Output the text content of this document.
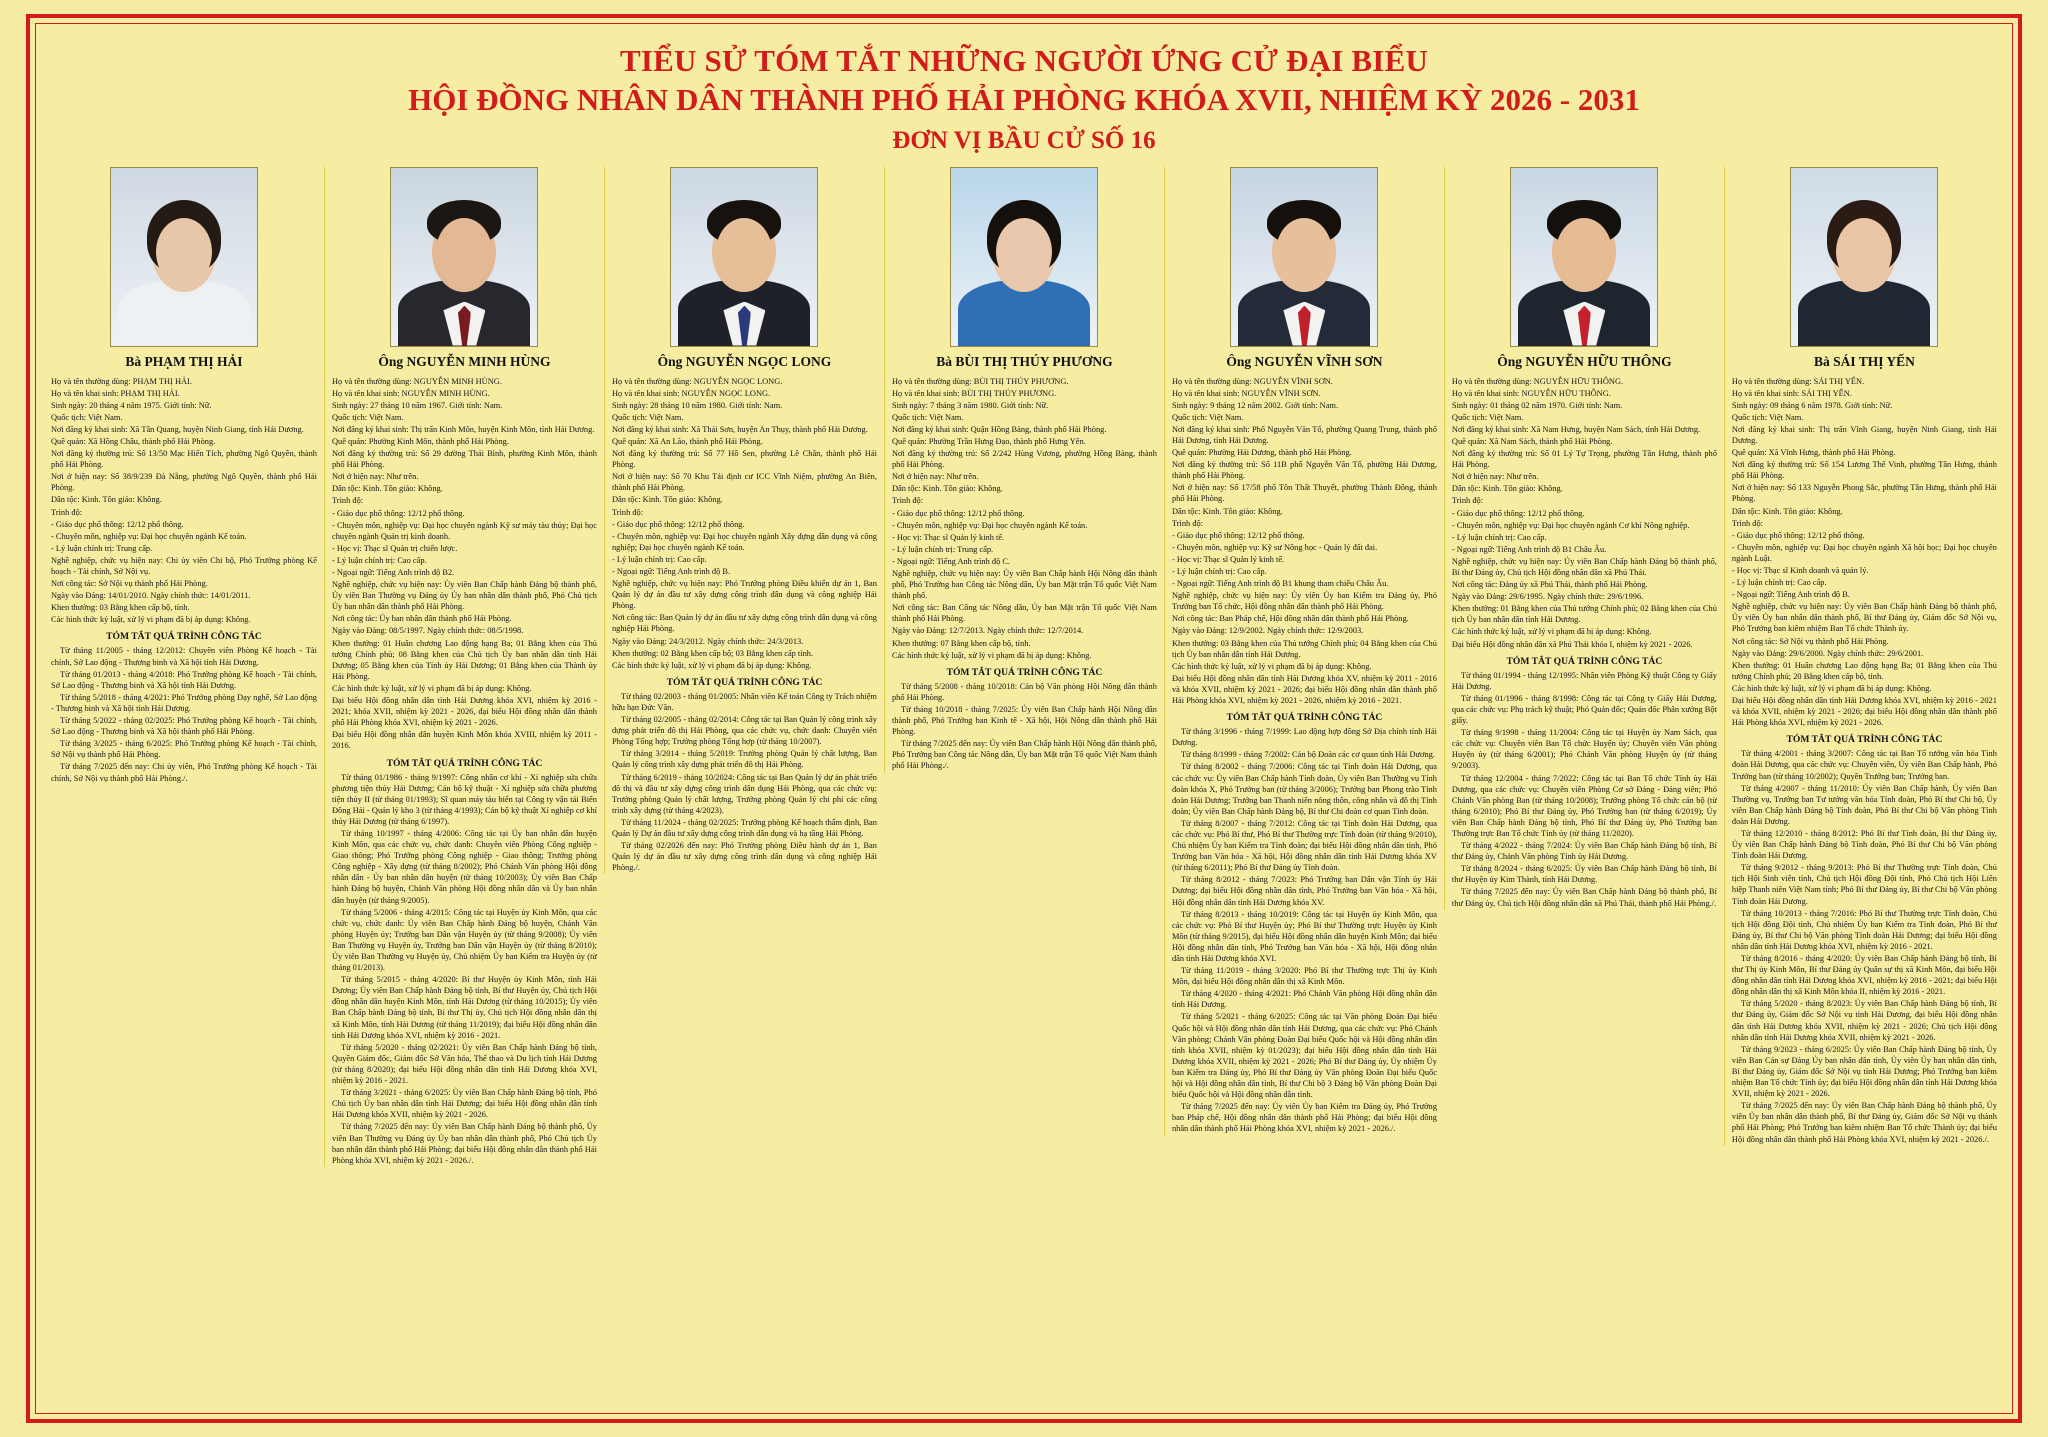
TIỂU SỬ TÓM TẮT NHỮNG NGƯỜI ỨNG CỬ ĐẠI BIỂU
HỘI ĐỒNG NHÂN DÂN THÀNH PHỐ HẢI PHÒNG KHÓA XVII, NHIỆM KỲ 2026 - 2031
ĐƠN VỊ BẦU CỬ SỐ 16
Bà PHẠM THỊ HẢI

Họ và tên thường dùng: PHẠM THỊ HẢI.

Họ và tên khai sinh: PHẠM THỊ HẢI.

Sinh ngày: 20 tháng 4 năm 1975. Giới tính: Nữ.

Quốc tịch: Việt Nam.

Nơi đăng ký khai sinh: Xã Tân Quang, huyện Ninh Giang, tỉnh Hải Dương.

Quê quán: Xã Hồng Châu, thành phố Hải Phòng.

Nơi đăng ký thường trú: Số 13/50 Mạc Hiển Tích, phường Ngô Quyền, thành phố Hải Phòng.

Nơi ở hiện nay: Số 38/9/239 Đà Nẵng, phường Ngô Quyền, thành phố Hải Phòng.

Dân tộc: Kinh. Tôn giáo: Không.

Trình độ:

- Giáo dục phổ thông: 12/12 phổ thông.

- Chuyên môn, nghiệp vụ: Đại học chuyên ngành Kế toán.

- Lý luận chính trị: Trung cấp.

Nghề nghiệp, chức vụ hiện nay: Chi ủy viên Chi bộ, Phó Trưởng phòng Kế hoạch - Tài chính, Sở Nội vụ.

Nơi công tác: Sở Nội vụ thành phố Hải Phòng.

Ngày vào Đảng: 14/01/2010. Ngày chính thức: 14/01/2011.

Khen thưởng: 03 Bằng khen cấp bộ, tỉnh.

Các hình thức kỷ luật, xử lý vi phạm đã bị áp dụng: Không.

TÓM TẮT QUÁ TRÌNH CÔNG TÁC

Từ tháng 11/2005 - tháng 12/2012: Chuyên viên Phòng Kế hoạch - Tài chính, Sở Lao động - Thương binh và Xã hội tỉnh Hải Dương.

Từ tháng 01/2013 - tháng 4/2018: Phó Trưởng phòng Kế hoạch - Tài chính, Sở Lao động - Thương binh và Xã hội tỉnh Hải Dương.

Từ tháng 5/2018 - tháng 4/2021: Phó Trưởng phòng Dạy nghề, Sở Lao động - Thương binh và Xã hội tỉnh Hải Dương.

Từ tháng 5/2022 - tháng 02/2025: Phó Trưởng phòng Kế hoạch - Tài chính, Sở Lao động - Thương binh và Xã hội thành phố Hải Phòng.

Từ tháng 3/2025 - tháng 6/2025: Phó Trưởng phòng Kế hoạch - Tài chính, Sở Nội vụ thành phố Hải Phòng.

Từ tháng 7/2025 đến nay: Chi ủy viên, Phó Trưởng phòng Kế hoạch - Tài chính, Sở Nội vụ thành phố Hải Phòng./.

Ông NGUYỄN MINH HÙNG

Họ và tên thường dùng: NGUYỄN MINH HÙNG.

Họ và tên khai sinh: NGUYỄN MINH HÙNG.

Sinh ngày: 27 tháng 10 năm 1967. Giới tính: Nam.

Quốc tịch: Việt Nam.

Nơi đăng ký khai sinh: Thị trấn Kinh Môn, huyện Kinh Môn, tỉnh Hải Dương.

Quê quán: Phường Kinh Môn, thành phố Hải Phòng.

Nơi đăng ký thường trú: Số 29 đường Thái Bình, phường Kinh Môn, thành phố Hải Phòng.

Nơi ở hiện nay: Như trên.

Dân tộc: Kinh. Tôn giáo: Không.

Trình độ:

- Giáo dục phổ thông: 12/12 phổ thông.

- Chuyên môn, nghiệp vụ: Đại học chuyên ngành Kỹ sư máy tàu thủy; Đại học chuyên ngành Quản trị kinh doanh.

- Học vị: Thạc sĩ Quản trị chiến lược.

- Lý luận chính trị: Cao cấp.

- Ngoại ngữ: Tiếng Anh trình độ B2.

Nghề nghiệp, chức vụ hiện nay: Ủy viên Ban Chấp hành Đảng bộ thành phố, Ủy viên Ban Thường vụ Đảng ủy Ủy ban nhân dân thành phố, Phó Chủ tịch Ủy ban nhân dân thành phố Hải Phòng.

Nơi công tác: Ủy ban nhân dân thành phố Hải Phòng.

Ngày vào Đảng: 08/5/1997. Ngày chính thức: 08/5/1998.

Khen thưởng: 01 Huân chương Lao động hạng Ba; 01 Bằng khen của Thủ tướng Chính phủ; 08 Bằng khen của Chủ tịch Ủy ban nhân dân tỉnh Hải Dương; 05 Bằng khen của Tỉnh ủy Hải Dương; 01 Bằng khen của Thành ủy Hải Phòng.

Các hình thức kỷ luật, xử lý vi phạm đã bị áp dụng: Không.

Đại biểu Hội đồng nhân dân tỉnh Hải Dương khóa XVI, nhiệm kỳ 2016 - 2021; khóa XVII, nhiệm kỳ 2021 - 2026, đại biểu Hội đồng nhân dân thành phố Hải Phòng khóa XVI, nhiệm kỳ 2021 - 2026.

Đại biểu Hội đồng nhân dân huyện Kinh Môn khóa XVIII, nhiệm kỳ 2011 - 2016.

TÓM TẮT QUÁ TRÌNH CÔNG TÁC

Từ tháng 01/1986 - tháng 9/1997: Công nhân cơ khí - Xí nghiệp sửa chữa phương tiện thủy Hải Dương; Cán bộ kỹ thuật - Xí nghiệp sửa chữa phương tiện thủy II (từ tháng 01/1993); Sĩ quan máy tàu biển tại Công ty vận tải Biển Đông Hải - Quản lý kho 3 (từ tháng 4/1993); Cán bộ kỹ thuật Xí nghiệp cơ khí thủy Hải Dương (từ tháng 6/1997).

Từ tháng 10/1997 - tháng 4/2006: Công tác tại Ủy ban nhân dân huyện Kinh Môn, qua các chức vụ, chức danh: Chuyên viên Phòng Công nghiệp - Giao thông; Phó Trưởng phòng Công nghiệp - Giao thông; Trưởng phòng Công nghiệp - Xây dựng (từ tháng 8/2002); Phó Chánh Văn phòng Hội đồng nhân dân - Ủy ban nhân dân huyện (từ tháng 10/2003); Ủy viên Ban Chấp hành Đảng bộ huyện, Chánh Văn phòng Hội đồng nhân dân và Ủy ban nhân dân huyện (từ tháng 9/2005).

Từ tháng 5/2006 - tháng 4/2015: Công tác tại Huyện ủy Kinh Môn, qua các chức vụ, chức danh: Ủy viên Ban Chấp hành Đảng bộ huyện, Chánh Văn phòng Huyện ủy; Trưởng ban Dân vận Huyện ủy (từ tháng 9/2008); Ủy viên Ban Thường vụ Huyện ủy, Trưởng ban Dân vận Huyện ủy (từ tháng 8/2010); Ủy viên Ban Thường vụ Huyện ủy, Chủ nhiệm Ủy ban Kiểm tra Huyện ủy (từ tháng 01/2013).

Từ tháng 5/2015 - tháng 4/2020: Bí thư Huyện ủy Kinh Môn, tỉnh Hải Dương; Ủy viên Ban Chấp hành Đảng bộ tỉnh, Bí thư Huyện ủy, Chủ tịch Hội đồng nhân dân huyện Kinh Môn, tỉnh Hải Dương (từ tháng 10/2015); Ủy viên Ban Chấp hành Đảng bộ tỉnh, Bí thư Thị ủy, Chủ tịch Hội đồng nhân dân thị xã Kinh Môn, tỉnh Hải Dương (từ tháng 11/2019); đại biểu Hội đồng nhân dân tỉnh Hải Dương khóa XVI, nhiệm kỳ 2016 - 2021.

Từ tháng 5/2020 - tháng 02/2021: Ủy viên Ban Chấp hành Đảng bộ tỉnh, Quyền Giám đốc, Giám đốc Sở Văn hóa, Thể thao và Du lịch tỉnh Hải Dương (từ tháng 8/2020); đại biểu Hội đồng nhân dân tỉnh Hải Dương khóa XVI, nhiệm kỳ 2016 - 2021.

Từ tháng 3/2021 - tháng 6/2025: Ủy viên Ban Chấp hành Đảng bộ tỉnh, Phó Chủ tịch Ủy ban nhân dân tỉnh Hải Dương; đại biểu Hội đồng nhân dân tỉnh Hải Dương khóa XVII, nhiệm kỳ 2021 - 2026.

Từ tháng 7/2025 đến nay: Ủy viên Ban Chấp hành Đảng bộ thành phố, Ủy viên Ban Thường vụ Đảng ủy Ủy ban nhân dân thành phố, Phó Chủ tịch Ủy ban nhân dân thành phố Hải Phòng; đại biểu Hội đồng nhân dân thành phố Hải Phòng khóa XVI, nhiệm kỳ 2021 - 2026./.

Ông NGUYỄN NGỌC LONG

Họ và tên thường dùng: NGUYỄN NGỌC LONG.

Họ và tên khai sinh: NGUYỄN NGỌC LONG.

Sinh ngày: 28 tháng 10 năm 1980. Giới tính: Nam.

Quốc tịch: Việt Nam.

Nơi đăng ký khai sinh: Xã Thái Sơn, huyện An Thụy, thành phố Hải Dương.

Quê quán: Xã An Lão, thành phố Hải Phòng.

Nơi đăng ký thường trú: Số 77 Hồ Sen, phường Lê Chân, thành phố Hải Phòng.

Nơi ở hiện nay: Số 70 Khu Tái định cư ICC Vĩnh Niệm, phường An Biên, thành phố Hải Phòng.

Dân tộc: Kinh. Tôn giáo: Không.

Trình độ:

- Giáo dục phổ thông: 12/12 phổ thông.

- Chuyên môn, nghiệp vụ: Đại học chuyên ngành Xây dựng dân dụng và công nghiệp; Đại học chuyên ngành Kế toán.

- Lý luận chính trị: Cao cấp.

- Ngoại ngữ: Tiếng Anh trình độ B.

Nghề nghiệp, chức vụ hiện nay: Phó Trưởng phòng Điều khiển dự án 1, Ban Quản lý dự án đầu tư xây dựng công trình dân dụng và công nghiệp Hải Phòng.

Nơi công tác: Ban Quản lý dự án đầu tư xây dựng công trình dân dụng và công nghiệp Hải Phòng.

Ngày vào Đảng: 24/3/2012. Ngày chính thức: 24/3/2013.

Khen thưởng: 02 Bằng khen cấp bộ; 03 Bằng khen cấp tỉnh.

Các hình thức kỷ luật, xử lý vi phạm đã bị áp dụng: Không.

TÓM TẮT QUÁ TRÌNH CÔNG TÁC

Từ tháng 02/2003 - tháng 01/2005: Nhân viên Kế toán Công ty Trách nhiệm hữu hạn Đức Văn.

Từ tháng 02/2005 - tháng 02/2014: Công tác tại Ban Quản lý công trình xây dựng phát triển đô thị Hải Phòng, qua các chức vụ, chức danh: Chuyên viên Phòng Tổng hợp; Trưởng phòng Tổng hợp (từ tháng 10/2007).

Từ tháng 3/2014 - tháng 5/2019: Trưởng phòng Quản lý chất lượng, Ban Quản lý công trình xây dựng phát triển đô thị Hải Phòng.

Từ tháng 6/2019 - tháng 10/2024: Công tác tại Ban Quản lý dự án phát triển đô thị và đầu tư xây dựng công trình dân dụng Hải Phòng, qua các chức vụ: Trưởng phòng Quản lý chất lượng, Trưởng phòng Quản lý chi phí các công trình xây dựng (từ tháng 4/2023).

Từ tháng 11/2024 - tháng 02/2025: Trưởng phòng Kế hoạch thẩm định, Ban Quản lý Dự án đầu tư xây dựng công trình dân dụng và hạ tầng Hải Phòng.

Từ tháng 02/2026 đến nay: Phó Trưởng phòng Điều hành dự án 1, Ban Quản lý dự án đầu tư xây dựng công trình dân dụng và công nghiệp Hải Phòng./.

Bà BÙI THỊ THÚY PHƯƠNG

Họ và tên thường dùng: BÙI THỊ THÚY PHƯƠNG.

Họ và tên khai sinh: BÙI THỊ THÚY PHƯƠNG.

Sinh ngày: 7 tháng 3 năm 1980. Giới tính: Nữ.

Quốc tịch: Việt Nam.

Nơi đăng ký khai sinh: Quận Hồng Bàng, thành phố Hải Phòng.

Quê quán: Phường Trần Hưng Đạo, thành phố Hưng Yên.

Nơi đăng ký thường trú: Số 2/242 Hùng Vương, phường Hồng Bàng, thành phố Hải Phòng.

Nơi ở hiện nay: Như trên.

Dân tộc: Kinh. Tôn giáo: Không.

Trình độ:

- Giáo dục phổ thông: 12/12 phổ thông.

- Chuyên môn, nghiệp vụ: Đại học chuyên ngành Kế toán.

- Học vị: Thạc sĩ Quản lý kinh tế.

- Lý luận chính trị: Trung cấp.

- Ngoại ngữ: Tiếng Anh trình độ C.

Nghề nghiệp, chức vụ hiện nay: Ủy viên Ban Chấp hành Hội Nông dân thành phố, Phó Trưởng ban Công tác Nông dân, Ủy ban Mặt trận Tổ quốc Việt Nam thành phố.

Nơi công tác: Ban Công tác Nông dân, Ủy ban Mặt trận Tổ quốc Việt Nam thành phố Hải Phòng.

Ngày vào Đảng: 12/7/2013. Ngày chính thức: 12/7/2014.

Khen thưởng: 07 Bằng khen cấp bộ, tỉnh.

Các hình thức kỷ luật, xử lý vi phạm đã bị áp dụng: Không.

TÓM TẮT QUÁ TRÌNH CÔNG TÁC

Từ tháng 5/2008 - tháng 10/2018: Cán bộ Văn phòng Hội Nông dân thành phố Hải Phòng.

Từ tháng 10/2018 - tháng 7/2025: Ủy viên Ban Chấp hành Hội Nông dân thành phố, Phó Trưởng ban Kinh tế - Xã hội, Hội Nông dân thành phố Hải Phòng.

Từ tháng 7/2025 đến nay: Ủy viên Ban Chấp hành Hội Nông dân thành phố, Phó Trưởng ban Công tác Nông dân, Ủy ban Mặt trận Tổ quốc Việt Nam thành phố Hải Phòng./.

Ông NGUYỄN VĨNH SƠN

Họ và tên thường dùng: NGUYỄN VĨNH SƠN.

Họ và tên khai sinh: NGUYỄN VĨNH SƠN.

Sinh ngày: 9 tháng 12 năm 2002. Giới tính: Nam.

Quốc tịch: Việt Nam.

Nơi đăng ký khai sinh: Phố Nguyễn Văn Tố, phường Quang Trung, thành phố Hải Dương, tỉnh Hải Dương.

Quê quán: Phường Hải Dương, thành phố Hải Phòng.

Nơi đăng ký thường trú: Số 11B phố Nguyễn Văn Tố, phường Hải Dương, thành phố Hải Phòng.

Nơi ở hiện nay: Số 17/58 phố Tôn Thất Thuyết, phường Thành Đông, thành phố Hải Phòng.

Dân tộc: Kinh. Tôn giáo: Không.

Trình độ:

- Giáo dục phổ thông: 12/12 phổ thông.

- Chuyên môn, nghiệp vụ: Kỹ sư Nông học - Quản lý đất đai.

- Học vị: Thạc sĩ Quản lý kinh tế.

- Lý luận chính trị: Cao cấp.

- Ngoại ngữ: Tiếng Anh trình độ B1 khung tham chiếu Châu Âu.

Nghề nghiệp, chức vụ hiện nay: Ủy viên Ủy ban Kiểm tra Đảng ủy, Phó Trưởng ban Tổ chức, Hội đồng nhân dân thành phố Hải Phòng.

Nơi công tác: Ban Pháp chế, Hội đồng nhân dân thành phố Hải Phòng.

Ngày vào Đảng: 12/9/2002. Ngày chính thức: 12/9/2003.

Khen thưởng: 03 Bằng khen của Thủ tướng Chính phủ; 04 Bằng khen của Chủ tịch Ủy ban nhân dân tỉnh Hải Dương.

Các hình thức kỷ luật, xử lý vi phạm đã bị áp dụng: Không.

Đại biểu Hội đồng nhân dân tỉnh Hải Dương khóa XV, nhiệm kỳ 2011 - 2016 và khóa XVII, nhiệm kỳ 2021 - 2026; đại biểu Hội đồng nhân dân thành phố Hải Phòng khóa XVI, nhiệm kỳ 2021 - 2026, nhiệm kỳ 2016 - 2021.

TÓM TẮT QUÁ TRÌNH CÔNG TÁC

Từ tháng 3/1996 - tháng 7/1999: Lao động hợp đồng Sở Địa chính tỉnh Hải Dương.

Từ tháng 8/1999 - tháng 7/2002: Cán bộ Đoàn các cơ quan tỉnh Hải Dương.

Từ tháng 8/2002 - tháng 7/2006: Công tác tại Tỉnh đoàn Hải Dương, qua các chức vụ: Ủy viên Ban Chấp hành Tỉnh đoàn, Ủy viên Ban Thường vụ Tỉnh đoàn khóa X, Phó Trưởng ban (từ tháng 3/2006); Trưởng ban Phong trào Tỉnh đoàn Hải Dương; Trưởng ban Thanh niên nông thôn, công nhân và đô thị Tỉnh đoàn; Ủy viên Ban Chấp hành Đảng bộ, Bí thư Chi đoàn cơ quan Tỉnh đoàn.

Từ tháng 8/2007 - tháng 7/2012: Công tác tại Tỉnh đoàn Hải Dương, qua các chức vụ: Phó Bí thư, Phó Bí thư Thường trực Tỉnh đoàn (từ tháng 9/2010), Chủ nhiệm Ủy ban Kiểm tra Tỉnh đoàn; đại biểu Hội đồng nhân dân tỉnh, Phó Trưởng ban Văn hóa - Xã hội, Hội đồng nhân dân tỉnh Hải Dương khóa XV (từ tháng 6/2011); Phó Bí thư Đảng ủy Tỉnh đoàn.

Từ tháng 8/2012 - tháng 7/2023: Phó Trưởng ban Dân vận Tỉnh ủy Hải Dương; đại biểu Hội đồng nhân dân tỉnh, Phó Trưởng ban Văn hóa - Xã hội, Hội đồng nhân dân tỉnh Hải Dương khóa XV.

Từ tháng 8/2013 - tháng 10/2019: Công tác tại Huyện ủy Kinh Môn, qua các chức vụ: Phó Bí thư Huyện ủy; Phó Bí thư Thường trực Huyện ủy Kinh Môn (từ tháng 9/2015), đại biểu Hội đồng nhân dân huyện Kinh Môn; đại biểu Hội đồng nhân dân tỉnh, Phó Trưởng ban Văn hóa - Xã hội, Hội đồng nhân dân tỉnh Hải Dương khóa XVI.

Từ tháng 11/2019 - tháng 3/2020: Phó Bí thư Thường trực Thị ủy Kinh Môn, đại biểu Hội đồng nhân dân thị xã Kinh Môn.

Từ tháng 4/2020 - tháng 4/2021: Phó Chánh Văn phòng Hội đồng nhân dân tỉnh Hải Dương.

Từ tháng 5/2021 - tháng 6/2025: Công tác tại Văn phòng Đoàn Đại biểu Quốc hội và Hội đồng nhân dân tỉnh Hải Dương, qua các chức vụ: Phó Chánh Văn phòng; Chánh Văn phòng Đoàn Đại biểu Quốc hội và Hội đồng nhân dân tỉnh khóa XVII, nhiệm kỳ 01/2023); đại biểu Hội đồng nhân dân tỉnh Hải Dương khóa XVII, nhiệm kỳ 2021 - 2026; Phó Bí thư Đảng ủy, Ủy nhiệm Ủy ban Kiểm tra Đảng ủy, Phó Bí thư Đảng ủy Văn phòng Đoàn Đại biểu Quốc hội và Hội đồng nhân dân tỉnh, Bí thư Chi bộ 3 Đảng bộ Văn phòng Đoàn Đại biểu Quốc hội và Hội đồng nhân dân tỉnh.

Từ tháng 7/2025 đến nay: Ủy viên Ủy ban Kiểm tra Đảng ủy, Phó Trưởng ban Pháp chế, Hội đồng nhân dân thành phố Hải Phòng; đại biểu Hội đồng nhân dân thành phố Hải Phòng khóa XVI, nhiệm kỳ 2021 - 2026./.

Ông NGUYỄN HỮU THÔNG

Họ và tên thường dùng: NGUYỄN HỮU THÔNG.

Họ và tên khai sinh: NGUYỄN HỮU THÔNG.

Sinh ngày: 01 tháng 02 năm 1970. Giới tính: Nam.

Quốc tịch: Việt Nam.

Nơi đăng ký khai sinh: Xã Nam Hưng, huyện Nam Sách, tỉnh Hải Dương.

Quê quán: Xã Nam Sách, thành phố Hải Phòng.

Nơi đăng ký thường trú: Số 01 Lý Tự Trọng, phường Tân Hưng, thành phố Hải Phòng.

Nơi ở hiện nay: Như trên.

Dân tộc: Kinh. Tôn giáo: Không.

Trình độ:

- Giáo dục phổ thông: 12/12 phổ thông.

- Chuyên môn, nghiệp vụ: Đại học chuyên ngành Cơ khí Nông nghiệp.

- Lý luận chính trị: Cao cấp.

- Ngoại ngữ: Tiếng Anh trình độ B1 Châu Âu.

Nghề nghiệp, chức vụ hiện nay: Ủy viên Ban Chấp hành Đảng bộ thành phố, Bí thư Đảng ủy, Chủ tịch Hội đồng nhân dân xã Phú Thái.

Nơi công tác: Đảng ủy xã Phú Thái, thành phố Hải Phòng.

Ngày vào Đảng: 29/6/1995. Ngày chính thức: 29/6/1996.

Khen thưởng: 01 Bằng khen của Thủ tướng Chính phủ; 02 Bằng khen của Chủ tịch Ủy ban nhân dân tỉnh Hải Dương.

Các hình thức kỷ luật, xử lý vi phạm đã bị áp dụng: Không.

Đại biểu Hội đồng nhân dân xã Phú Thái khóa I, nhiệm kỳ 2021 - 2026.

TÓM TẮT QUÁ TRÌNH CÔNG TÁC

Từ tháng 01/1994 - tháng 12/1995: Nhân viên Phòng Kỹ thuật Công ty Giấy Hải Dương.

Từ tháng 01/1996 - tháng 8/1998: Công tác tại Công ty Giấy Hải Dương, qua các chức vụ: Phụ trách kỹ thuật; Phó Quản đốc; Quản đốc Phân xưởng Bột giấy.

Từ tháng 9/1998 - tháng 11/2004: Công tác tại Huyện ủy Nam Sách, qua các chức vụ: Chuyên viên Ban Tổ chức Huyện ủy; Chuyên viên Văn phòng Huyện ủy (từ tháng 6/2001); Phó Chánh Văn phòng Huyện ủy (từ tháng 9/2003).

Từ tháng 12/2004 - tháng 7/2022: Công tác tại Ban Tổ chức Tỉnh ủy Hải Dương, qua các chức vụ: Chuyên viên Phòng Cơ sở Đảng - Đảng viên; Phó Chánh Văn phòng Ban (từ tháng 10/2008); Trưởng phòng Tổ chức cán bộ (từ tháng 6/2010); Phó Bí thư Đảng ủy, Phó Trưởng ban (từ tháng 6/2019); Ủy viên Ban Chấp hành Đảng bộ tỉnh, Phó Bí thư Đảng ủy, Phó Trưởng ban Thường trực Ban Tổ chức Tỉnh ủy (từ tháng 11/2020).

Từ tháng 4/2022 - tháng 7/2024: Ủy viên Ban Chấp hành Đảng bộ tỉnh, Bí thư Đảng ủy, Chánh Văn phòng Tỉnh ủy Hải Dương.

Từ tháng 8/2024 - tháng 6/2025: Ủy viên Ban Chấp hành Đảng bộ tỉnh, Bí thư Huyện ủy Kim Thành, tỉnh Hải Dương.

Từ tháng 7/2025 đến nay: Ủy viên Ban Chấp hành Đảng bộ thành phố, Bí thư Đảng ủy, Chủ tịch Hội đồng nhân dân xã Phú Thái, thành phố Hải Phòng./.

Bà SÁI THỊ YẾN

Họ và tên thường dùng: SÁI THỊ YẾN.

Họ và tên khai sinh: SÁI THỊ YẾN.

Sinh ngày: 09 tháng 6 năm 1978. Giới tính: Nữ.

Quốc tịch: Việt Nam.

Nơi đăng ký khai sinh: Thị trấn Vĩnh Giang, huyện Ninh Giang, tỉnh Hải Dương.

Quê quán: Xã Vĩnh Hưng, thành phố Hải Phòng.

Nơi đăng ký thường trú: Số 154 Lương Thế Vinh, phường Tân Hưng, thành phố Hải Phòng.

Nơi ở hiện nay: Số 133 Nguyễn Phong Sắc, phường Tân Hưng, thành phố Hải Phòng.

Dân tộc: Kinh. Tôn giáo: Không.

Trình độ:

- Giáo dục phổ thông: 12/12 phổ thông.

- Chuyên môn, nghiệp vụ: Đại học chuyên ngành Xã hội học; Đại học chuyên ngành Luật.

- Học vị: Thạc sĩ Kinh doanh và quản lý.

- Lý luận chính trị: Cao cấp.

- Ngoại ngữ: Tiếng Anh trình độ B.

Nghề nghiệp, chức vụ hiện nay: Ủy viên Ban Chấp hành Đảng bộ thành phố, Ủy viên Ủy ban nhân dân thành phố, Bí thư Đảng ủy, Giám đốc Sở Nội vụ, Phó Trưởng ban kiêm nhiệm Ban Tổ chức Thành ủy.

Nơi công tác: Sở Nội vụ thành phố Hải Phòng.

Ngày vào Đảng: 29/6/2000. Ngày chính thức: 29/6/2001.

Khen thưởng: 01 Huân chương Lao động hạng Ba; 01 Bằng khen của Thủ tướng Chính phủ; 20 Bằng khen cấp bộ, tỉnh.

Các hình thức kỷ luật, xử lý vi phạm đã bị áp dụng: Không.

Đại biểu Hội đồng nhân dân tỉnh Hải Dương khóa XVI, nhiệm kỳ 2016 - 2021 và khóa XVII, nhiệm kỳ 2021 - 2026; đại biểu Hội đồng nhân dân thành phố Hải Phòng khóa XVI, nhiệm kỳ 2021 - 2026.

TÓM TẮT QUÁ TRÌNH CÔNG TÁC

Từ tháng 4/2001 - tháng 3/2007: Công tác tại Ban Tổ tướng văn hóa Tỉnh đoàn Hải Dương, qua các chức vụ: Chuyên viên, Ủy viên Ban Chấp hành, Phó Trưởng ban (từ tháng 10/2002); Quyền Trưởng ban; Trưởng ban.

Từ tháng 4/2007 - tháng 11/2010: Ủy viên Ban Chấp hành, Ủy viên Ban Thường vụ, Trưởng ban Tư tưởng văn hóa Tỉnh đoàn, Phó Bí thư Chi bộ, Ủy viên Ban Chấp hành Đảng bộ Tỉnh đoàn, Phó Bí thư Chi bộ Văn phòng Tỉnh đoàn Hải Dương.

Từ tháng 12/2010 - tháng 8/2012: Phó Bí thư Tỉnh đoàn, Bí thư Đảng ủy, Ủy viên Ban Chấp hành Đảng bộ Tỉnh đoàn, Phó Bí thư Chi bộ Văn phòng Tỉnh đoàn Hải Dương.

Từ tháng 9/2012 - tháng 9/2013: Phó Bí thư Thường trực Tỉnh đoàn, Chủ tịch Hội Sinh viên tỉnh, Chủ tịch Hội đồng Đội tỉnh, Phó Chủ tịch Hội Liên hiệp Thanh niên Việt Nam tỉnh; Phó Bí thư Đảng ủy, Bí thư Chi bộ Văn phòng Tỉnh đoàn Hải Dương.

Từ tháng 10/2013 - tháng 7/2016: Phó Bí thư Thường trực Tỉnh đoàn, Chủ tịch Hội đồng Đội tỉnh, Chủ nhiệm Ủy ban Kiểm tra Tỉnh đoàn, Phó Bí thư Đảng ủy, Bí thư Chi bộ Văn phòng Tỉnh đoàn Hải Dương; đại biểu Hội đồng nhân dân tỉnh Hải Dương khóa XVI, nhiệm kỳ 2016 - 2021.

Từ tháng 8/2016 - tháng 4/2020: Ủy viên Ban Chấp hành Đảng bộ tỉnh, Bí thư Thị ủy Kinh Môn, Bí thư Đảng ủy Quân sự thị xã Kinh Môn, đại biểu Hội đồng nhân dân tỉnh Hải Dương khóa XVI, nhiệm kỳ 2016 - 2021; đại biểu Hội đồng nhân dân thị xã Kinh Môn khóa II, nhiệm kỳ 2016 - 2021.

Từ tháng 5/2020 - tháng 8/2023: Ủy viên Ban Chấp hành Đảng bộ tỉnh, Bí thư Đảng ủy, Giám đốc Sở Nội vụ tỉnh Hải Dương, đại biểu Hội đồng nhân dân tỉnh Hải Dương khóa XVII, nhiệm kỳ 2021 - 2026; Chủ tịch Hội đồng nhân dân tỉnh Hải Dương khóa XVII, nhiệm kỳ 2021 - 2026.

Từ tháng 9/2023 - tháng 6/2025: Ủy viên Ban Chấp hành Đảng bộ tỉnh, Ủy viên Ban Cán sự Đảng Ủy ban nhân dân tỉnh, Ủy viên Ủy ban nhân dân tỉnh, Bí thư Đảng ủy, Giám đốc Sở Nội vụ tỉnh Hải Dương; Phó Trưởng ban kiêm nhiệm Ban Tổ chức Tỉnh ủy; đại biểu Hội đồng nhân dân tỉnh Hải Dương khóa XVII, nhiệm kỳ 2021 - 2026.

Từ tháng 7/2025 đến nay: Ủy viên Ban Chấp hành Đảng bộ thành phố, Ủy viên Ủy ban nhân dân thành phố, Bí thư Đảng ủy, Giám đốc Sở Nội vụ thành phố Hải Phòng; Phó Trưởng ban kiêm nhiệm Ban Tổ chức Thành ủy; đại biểu Hội đồng nhân dân thành phố Hải Phòng khóa XVI, nhiệm kỳ 2021 - 2026./.
